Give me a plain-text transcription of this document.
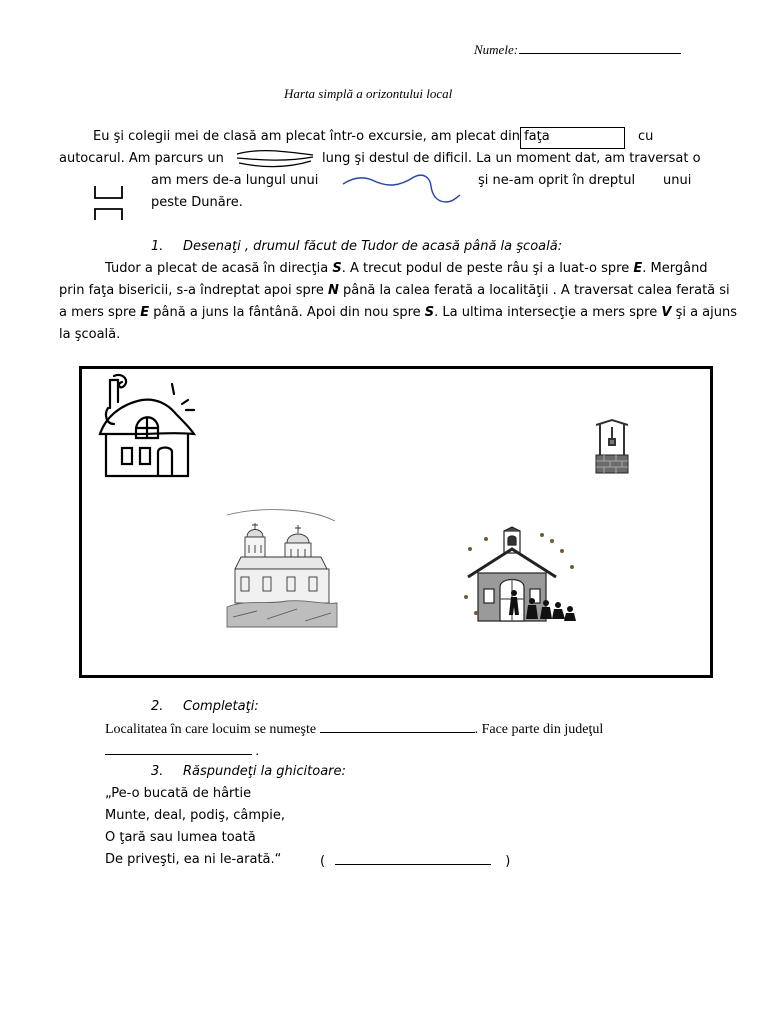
Numele:
Harta simplă a orizontului local
Eu şi colegii mei de clasă am plecat într-o excursie, am plecat din faţa	cu
autocarul. Am parcurs un	lung şi destul de dificil. La un moment dat, am traversat o
am mers de-a lungul unui	şi ne-am oprit în dreptul unui
peste Dunăre.
1. Desenaţi , drumul făcut de Tudor de acasă până la şcoală:
Tudor a plecat de acasă în direcţia S. A trecut podul de peste râu şi a luat-o spre E. Mergând
prin faţa bisericii, s-a îndreptat apoi spre N până la calea ferată a localităţii . A traversat calea ferată si
a mers spre E până a juns la fântână. Apoi din nou spre S. La ultima intersecţie a mers spre V şi a ajuns
la şcoală.
2. Completaţi:
Localitatea în care locuim se numeşte	. Face parte din judeţul
.
3. Răspundeţi la ghicitoare:
„Pe-o bucată de hârtie
Munte, deal, podiş, câmpie,
O ţară sau lumea toată
De priveşti, ea ni le-arată.“	(	)
